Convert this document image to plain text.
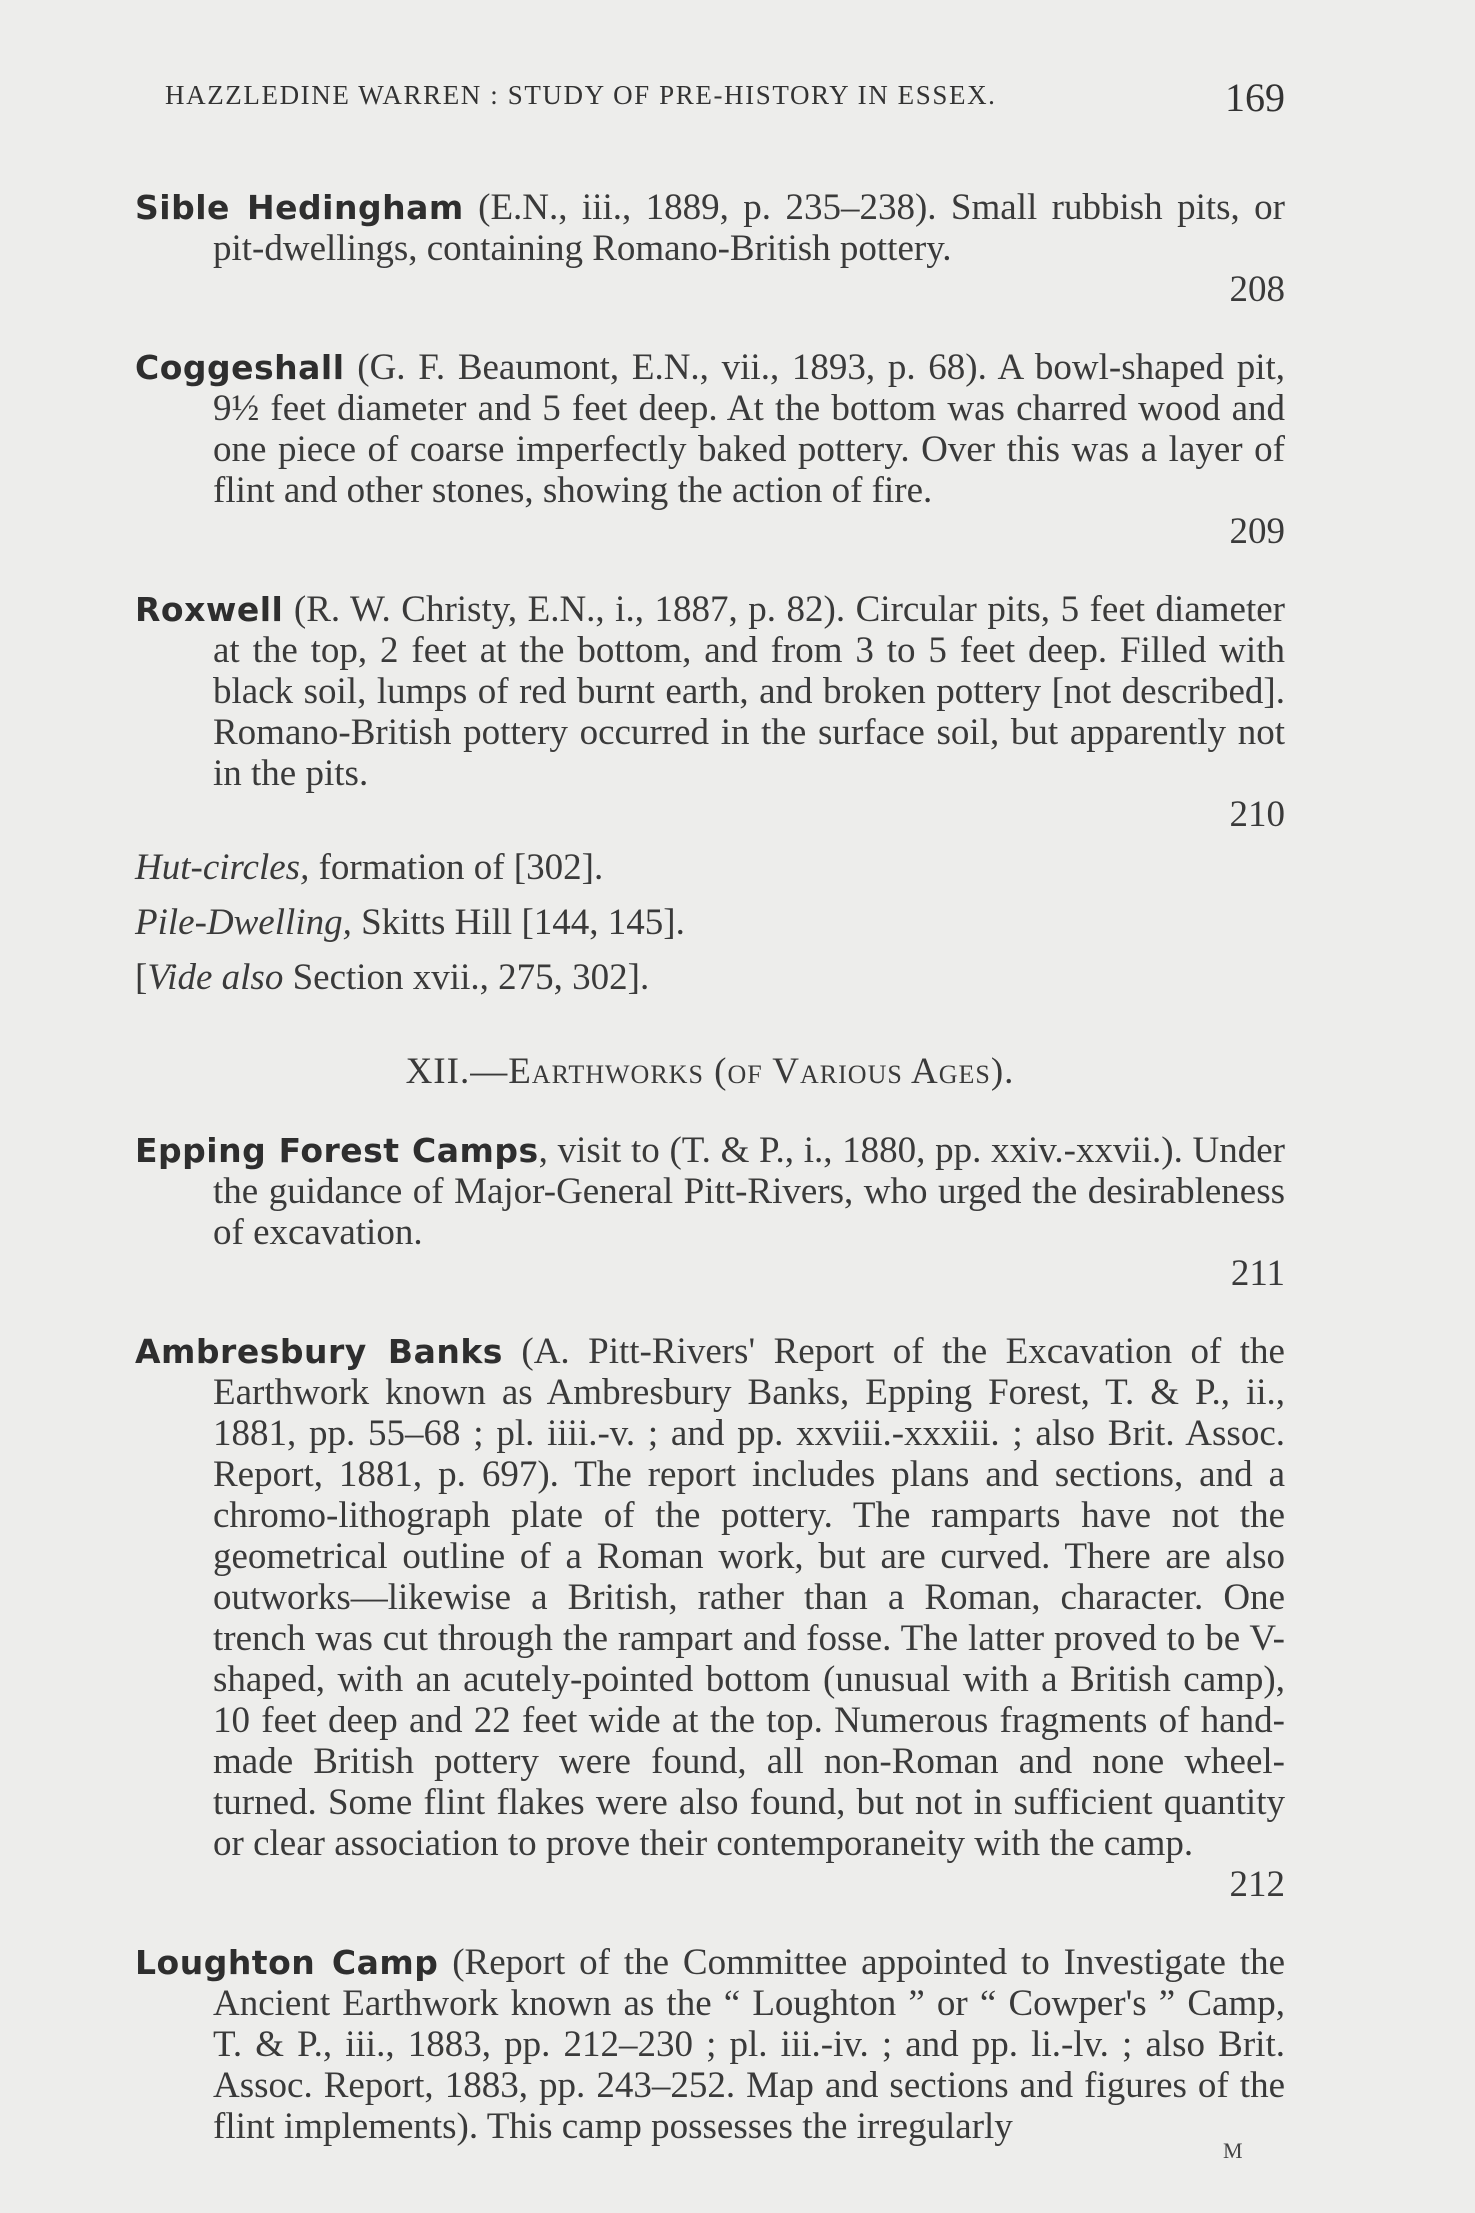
HAZZLEDINE WARREN : STUDY OF PRE-HISTORY IN ESSEX.	169

Sible Hedingham (E.N., iii., 1889, p. 235–238). Small rubbish pits, or pit-dwellings, containing Romano-British pottery.
208

Coggeshall (G. F. Beaumont, E.N., vii., 1893, p. 68). A bowl-shaped pit, 9½ feet diameter and 5 feet deep. At the bottom was charred wood and one piece of coarse imperfectly baked pottery. Over this was a layer of flint and other stones, showing the action of fire.
209

Roxwell (R. W. Christy, E.N., i., 1887, p. 82). Circular pits, 5 feet diameter at the top, 2 feet at the bottom, and from 3 to 5 feet deep. Filled with black soil, lumps of red burnt earth, and broken pottery [not described]. Romano-British pottery occurred in the surface soil, but apparently not in the pits.
210

Hut-circles, formation of [302].

Pile-Dwelling, Skitts Hill [144, 145].

[Vide also Section xvii., 275, 302].

XII.—Earthworks (of Various Ages).

Epping Forest Camps, visit to (T. & P., i., 1880, pp. xxiv.-xxvii.). Under the guidance of Major-General Pitt-Rivers, who urged the desirableness of excavation.
211

Ambresbury Banks (A. Pitt-Rivers' Report of the Excavation of the Earthwork known as Ambresbury Banks, Epping Forest, T. & P., ii., 1881, pp. 55–68 ; pl. iiii.-v. ; and pp. xxviii.-xxxiii. ; also Brit. Assoc. Report, 1881, p. 697). The report includes plans and sections, and a chromo-lithograph plate of the pottery. The ramparts have not the geometrical outline of a Roman work, but are curved. There are also outworks—likewise a British, rather than a Roman, character. One trench was cut through the rampart and fosse. The latter proved to be V-shaped, with an acutely-pointed bottom (unusual with a British camp), 10 feet deep and 22 feet wide at the top. Numerous fragments of hand-made British pottery were found, all non-Roman and none wheel-turned. Some flint flakes were also found, but not in sufficient quantity or clear association to prove their contemporaneity with the camp.
212

Loughton Camp (Report of the Committee appointed to Investigate the Ancient Earthwork known as the “ Loughton ” or “ Cowper's ” Camp, T. & P., iii., 1883, pp. 212–230 ; pl. iii.-iv. ; and pp. li.-lv. ; also Brit. Assoc. Report, 1883, pp. 243–252. Map and sections and figures of the flint implements). This camp possesses the irregularly

M
